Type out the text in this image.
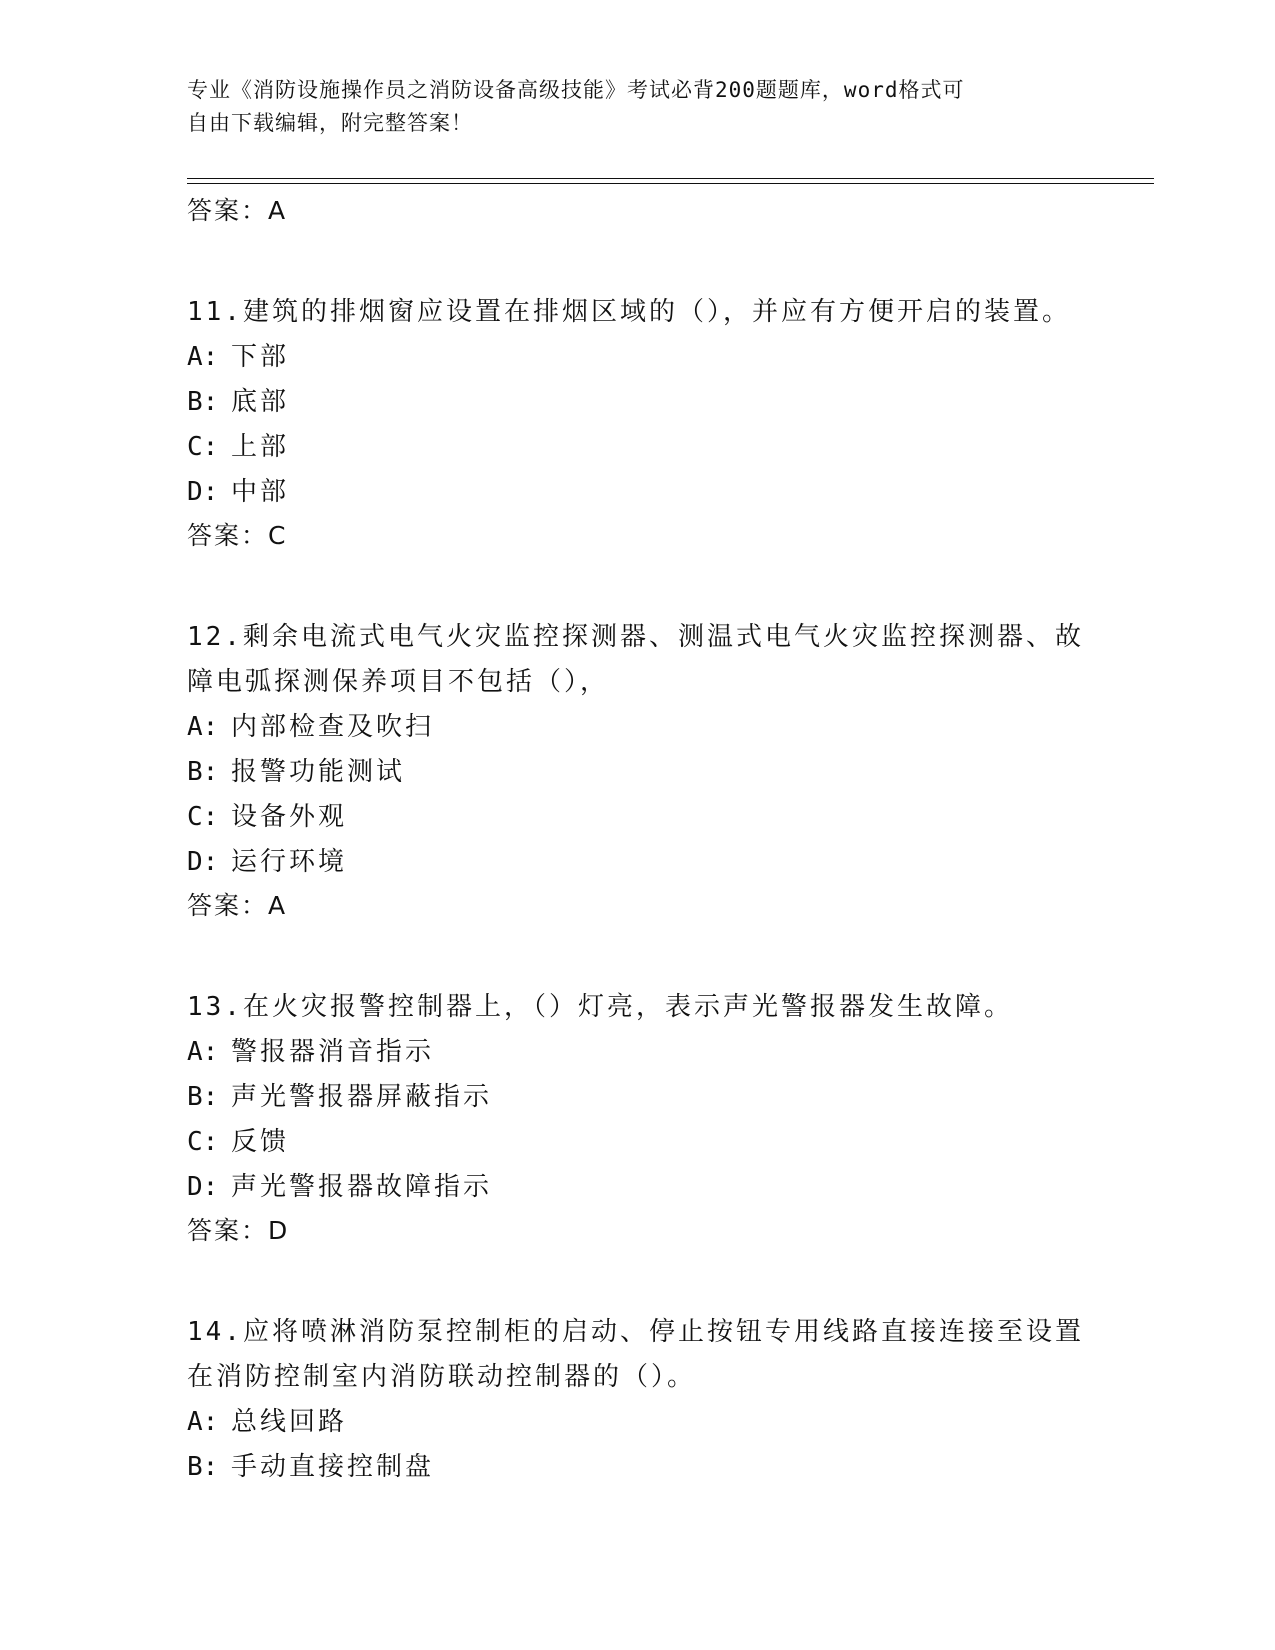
专业《消防设施操作员之消防设备高级技能》考试必背200题题库，word格式可
自由下载编辑，附完整答案！
答案：A
11.建筑的排烟窗应设置在排烟区域的（），并应有方便开启的装置。
A: 下部
B: 底部
C: 上部
D: 中部
答案：C
12.剩余电流式电气火灾监控探测器、测温式电气火灾监控探测器、故障电弧探测保养项目不包括（），
A: 内部检查及吹扫
B: 报警功能测试
C: 设备外观
D: 运行环境
答案：A
13.在火灾报警控制器上，（）灯亮，表示声光警报器发生故障。
A: 警报器消音指示
B: 声光警报器屏蔽指示
C: 反馈
D: 声光警报器故障指示
答案：D
14.应将喷淋消防泵控制柜的启动、停止按钮专用线路直接连接至设置在消防控制室内消防联动控制器的（）。
A: 总线回路
B: 手动直接控制盘
